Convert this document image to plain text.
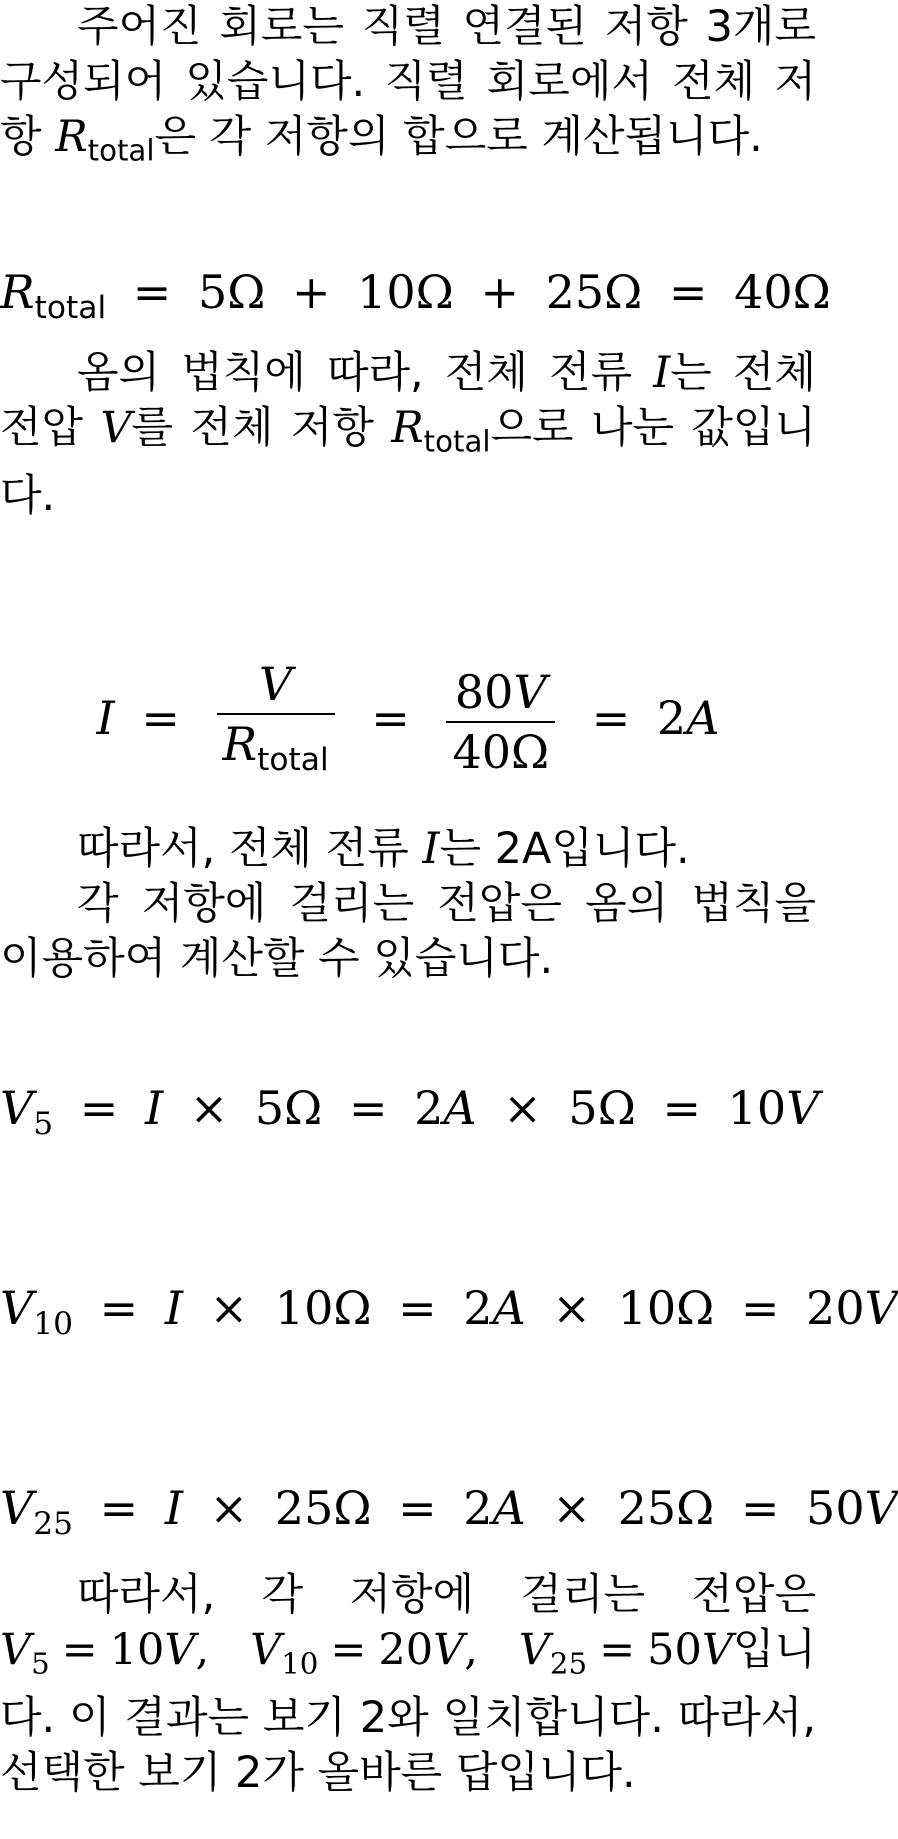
주어진 회로는 직렬 연결된 저항 3개로 구성되어 있습니다. 직렬 회로에서 전체 저항 $R_{total}$은 각 저항의 합으로 계산됩니다.

$R_{total} = 5\Omega + 10\Omega + 25\Omega = 40\Omega$

옴의 법칙에 따라, 전체 전류 I는 전체 전압 V를 전체 저항 $R_{total}$으로 나눈 값입니다.

$I = \frac{V}{R_{total}} = \frac{80V}{40\Omega} = 2A$

따라서, 전체 전류 I는 2A입니다.

각 저항에 걸리는 전압은 옴의 법칙을 이용하여 계산할 수 있습니다.

$V_5 = I \times 5\Omega = 2A \times 5\Omega = 10V$
$V_{10} = I \times 10\Omega = 2A \times 10\Omega = 20V$
$V_{25} = I \times 25\Omega = 2A \times 25\Omega = 50V$

따라서, 각 저항에 걸리는 전압은 $V_5 = 10V$, $V_{10} = 20V$, $V_{25} = 50V$입니다. 이 결과는 보기 2와 일치합니다. 따라서, 선택한 보기 2가 올바른 답입니다.
